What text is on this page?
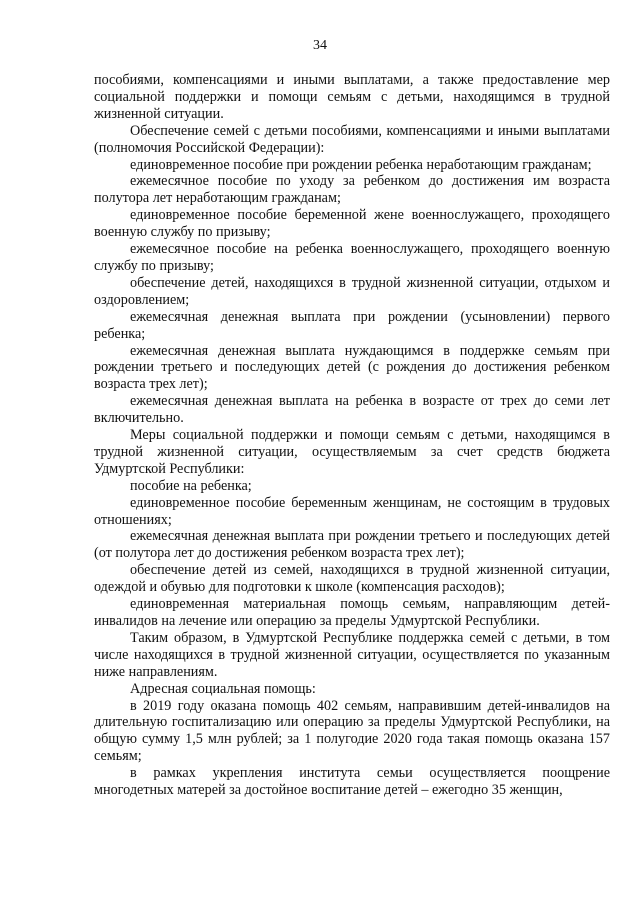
34

пособиями, компенсациями и иными выплатами, а также предоставление мер социальной поддержки и помощи семьям с детьми, находящимся в трудной жизненной ситуации.

Обеспечение семей с детьми пособиями, компенсациями и иными выплатами (полномочия Российской Федерации):

единовременное пособие при рождении ребенка неработающим гражданам;

ежемесячное пособие по уходу за ребенком до достижения им возраста полутора лет неработающим гражданам;

единовременное пособие беременной жене военнослужащего, проходящего военную службу по призыву;

ежемесячное пособие на ребенка военнослужащего, проходящего военную службу по призыву;

обеспечение детей, находящихся в трудной жизненной ситуации, отдыхом и оздоровлением;

ежемесячная денежная выплата при рождении (усыновлении) первого ребенка;

ежемесячная денежная выплата нуждающимся в поддержке семьям при рождении третьего и последующих детей (с рождения до достижения ребенком возраста трех лет);

ежемесячная денежная выплата на ребенка в возрасте от трех до семи лет включительно.

Меры социальной поддержки и помощи семьям с детьми, находящимся в трудной жизненной ситуации, осуществляемым за счет средств бюджета Удмуртской Республики:

пособие на ребенка;

единовременное пособие беременным женщинам, не состоящим в трудовых отношениях;

ежемесячная денежная выплата при рождении третьего и последующих детей (от полутора лет до достижения ребенком возраста трех лет);

обеспечение детей из семей, находящихся в трудной жизненной ситуации, одеждой и обувью для подготовки к школе (компенсация расходов);

единовременная материальная помощь семьям, направляющим детей-инвалидов на лечение или операцию за пределы Удмуртской Республики.

Таким образом, в Удмуртской Республике поддержка семей с детьми, в том числе находящихся в трудной жизненной ситуации, осуществляется по указанным ниже направлениям.

Адресная социальная помощь:

в 2019 году оказана помощь 402 семьям, направившим детей-инвалидов на длительную госпитализацию или операцию за пределы Удмуртской Республики, на общую сумму 1,5 млн рублей; за 1 полугодие 2020 года такая помощь оказана 157 семьям;

в рамках укрепления института семьи осуществляется поощрение многодетных матерей за достойное воспитание детей – ежегодно 35 женщин,
